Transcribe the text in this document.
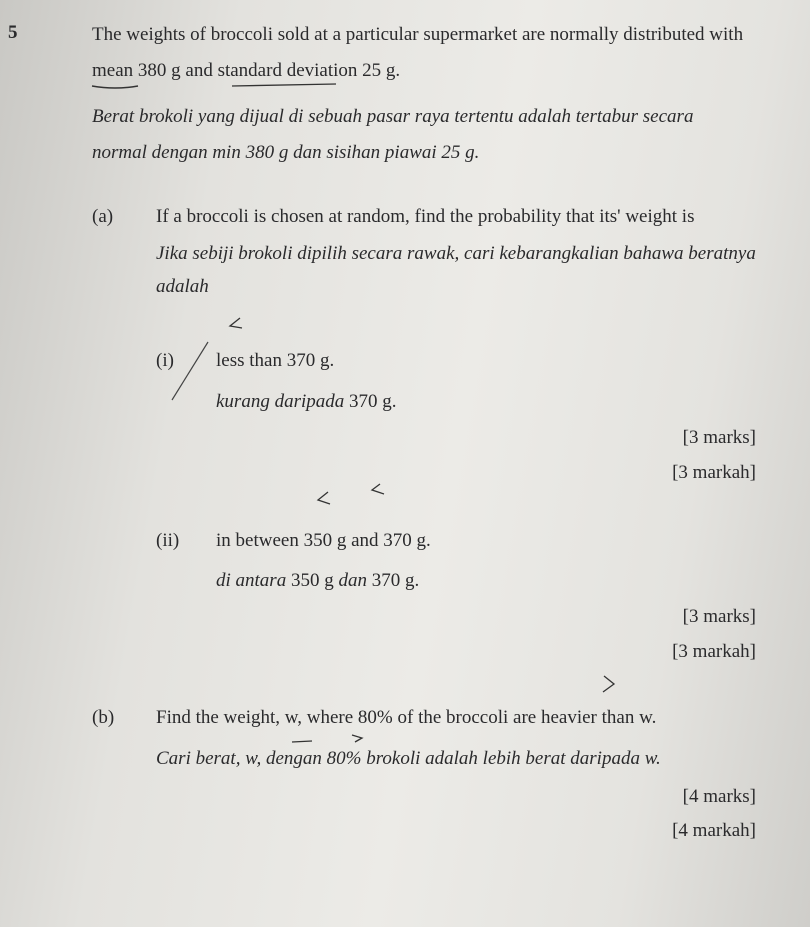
5	The weights of broccoli sold at a particular supermarket are normally distributed with
mean 380 g and standard deviation 25 g.
Berat brokoli yang dijual di sebuah pasar raya tertentu adalah tertabur secara
normal dengan min 380 g dan sisihan piawai 25 g.
(a) If a broccoli is chosen at random, find the probability that its' weight is
Jika sebiji brokoli dipilih secara rawak, cari kebarangkalian bahawa beratnya
adalah
(i) less than 370 g.
kurang daripada 370 g.
[3 marks]
[3 markah]
(ii) in between 350 g and 370 g.
di antara 350 g dan 370 g.
[3 marks]
[3 markah]
(b) Find the weight, w, where 80% of the broccoli are heavier than w.
Cari berat, w, dengan 80% brokoli adalah lebih berat daripada w.
[4 marks]
[4 markah]
